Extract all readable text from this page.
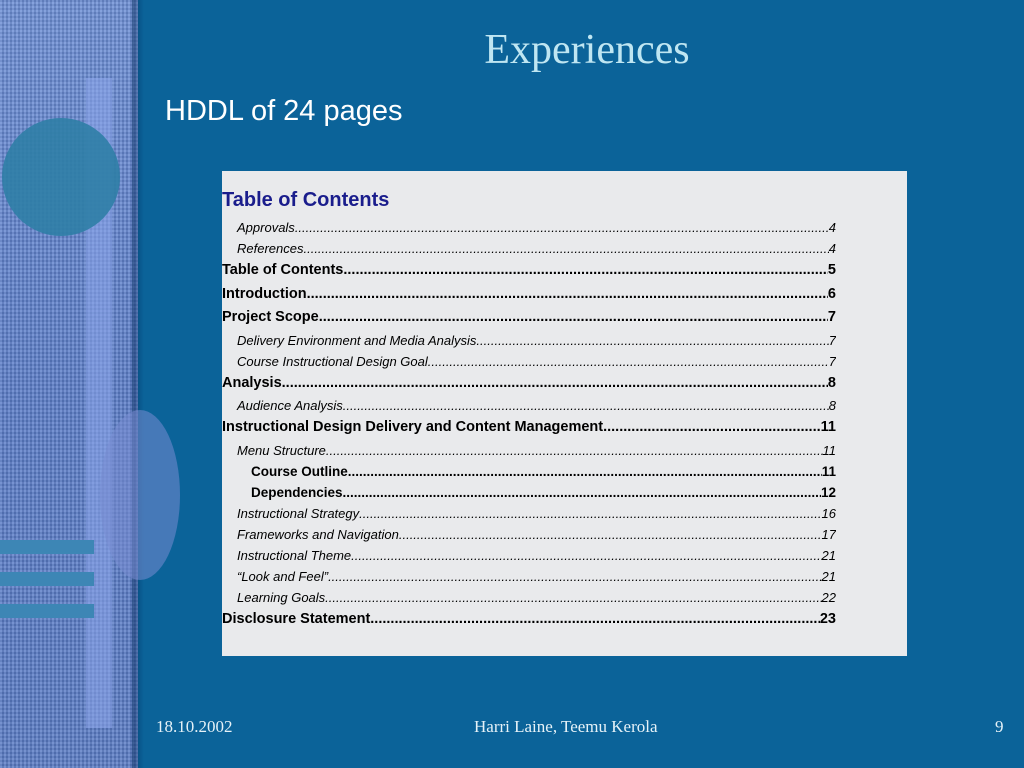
Experiences
HDDL of 24 pages
Table of Contents
Approvals .....	4
References .....	4
Table of Contents .....	5
Introduction .....	6
Project Scope .....	7
Delivery Environment and Media Analysis .....	7
Course Instructional Design Goal .....	7
Analysis .....	8
Audience Analysis .....	8
Instructional Design Delivery and Content Management .....	11
Menu Structure .....	11
Course Outline .....	11
Dependencies .....	12
Instructional Strategy .....	16
Frameworks and Navigation .....	17
Instructional Theme .....	21
“Look and Feel” .....	21
Learning Goals .....	22
Disclosure Statement .....	23
18.10.2002	Harri Laine, Teemu Kerola	9
